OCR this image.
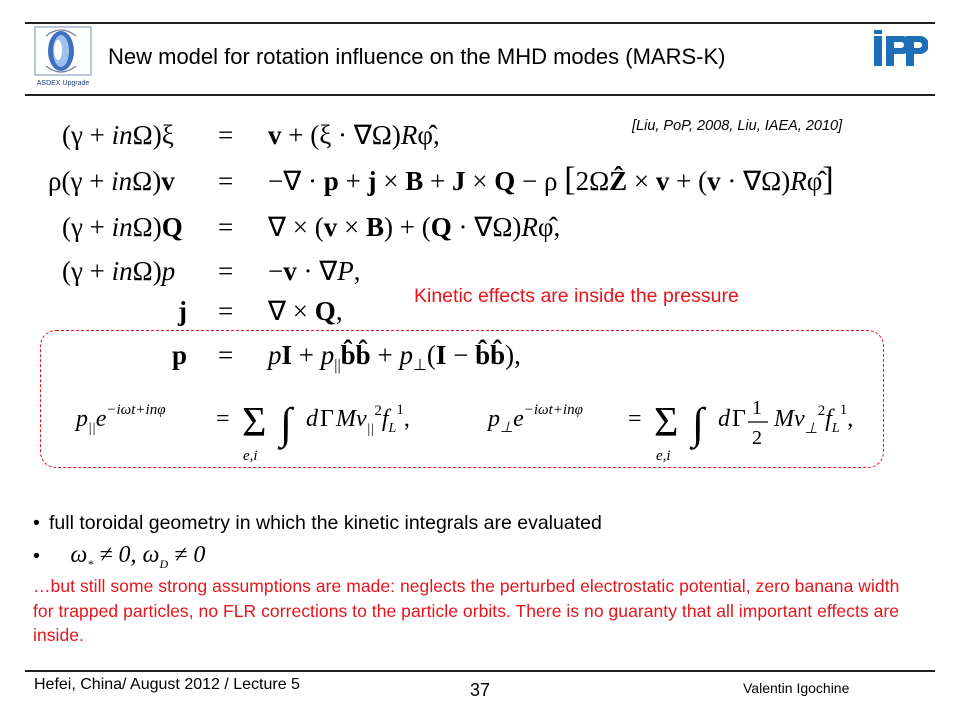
ASDEX Upgrade
New model for rotation influence on the MHD modes (MARS-K)
[Liu, PoP, 2008, Liu, IAEA, 2010]
(γ + inΩ)ξ = v + (ξ · ∇Ω)Rφ̂,
ρ(γ + inΩ)v = −∇ · p + j × B + J × Q − ρ [2ΩẐ × v + (v · ∇Ω)Rφ̂]
(γ + inΩ)Q = ∇ × (v × B) + (Q · ∇Ω)Rφ̂,
(γ + inΩ)p = −v · ∇P,
j = ∇ × Q,
p = pI + $p_{||}b̂b̂ + p_\perp(I$ − b̂b̂),
$p_{||}e^{-i\omega t+in\varphi} = \Sigma$
e,i
∫ d Γ $Mv_{||}^2f_L^1$,	$p_\perp e^{-i\omega t+in\varphi} = \Sigma$
e,i
∫ d Γ 1
2
$Mv_\perp^2f_L^1$,
Kinetic effects are inside the pressure
• full toroidal geometry in which the kinetic integrals are evaluated
• $\omega_* \ne 0$, $\omega_D \ne 0$
…but still some strong assumptions are made: neglects the perturbed electrostatic potential, zero banana width for trapped particles, no FLR corrections to the particle orbits. There is no guaranty that all important effects are inside.
Hefei, China/ August 2012 / Lecture 5	37	Valentin Igochine
